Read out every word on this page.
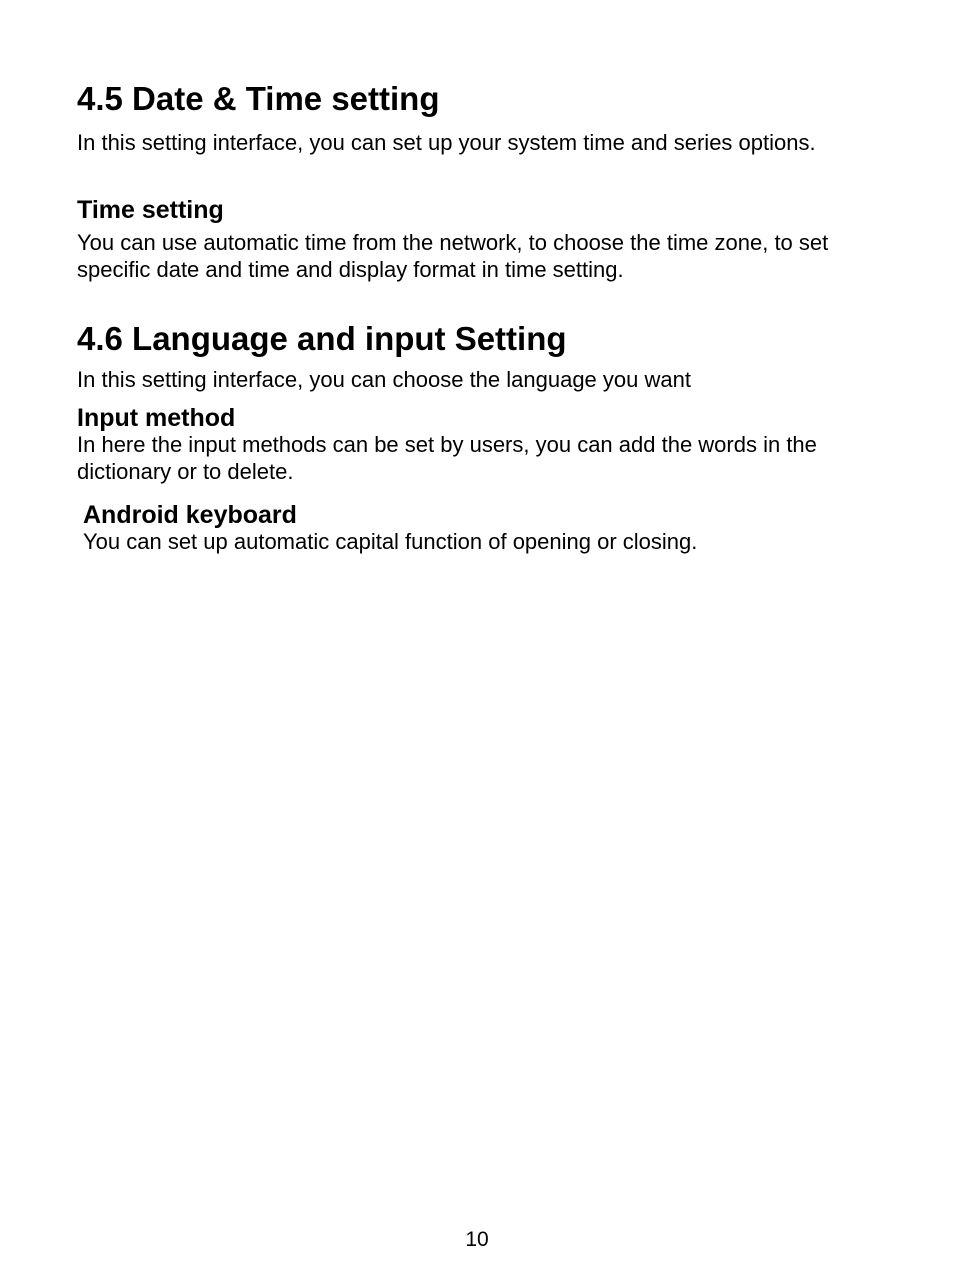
4.5 Date & Time setting

In this setting interface, you can set up your system time and series options.

Time setting

You can use automatic time from the network, to choose the time zone, to set specific date and time and display format in time setting.

4.6 Language and input Setting

In this setting interface, you can choose the language you want

Input method

In here the input methods can be set by users, you can add the words in the dictionary or to delete.

Android keyboard

You can set up automatic capital function of opening or closing.

10
